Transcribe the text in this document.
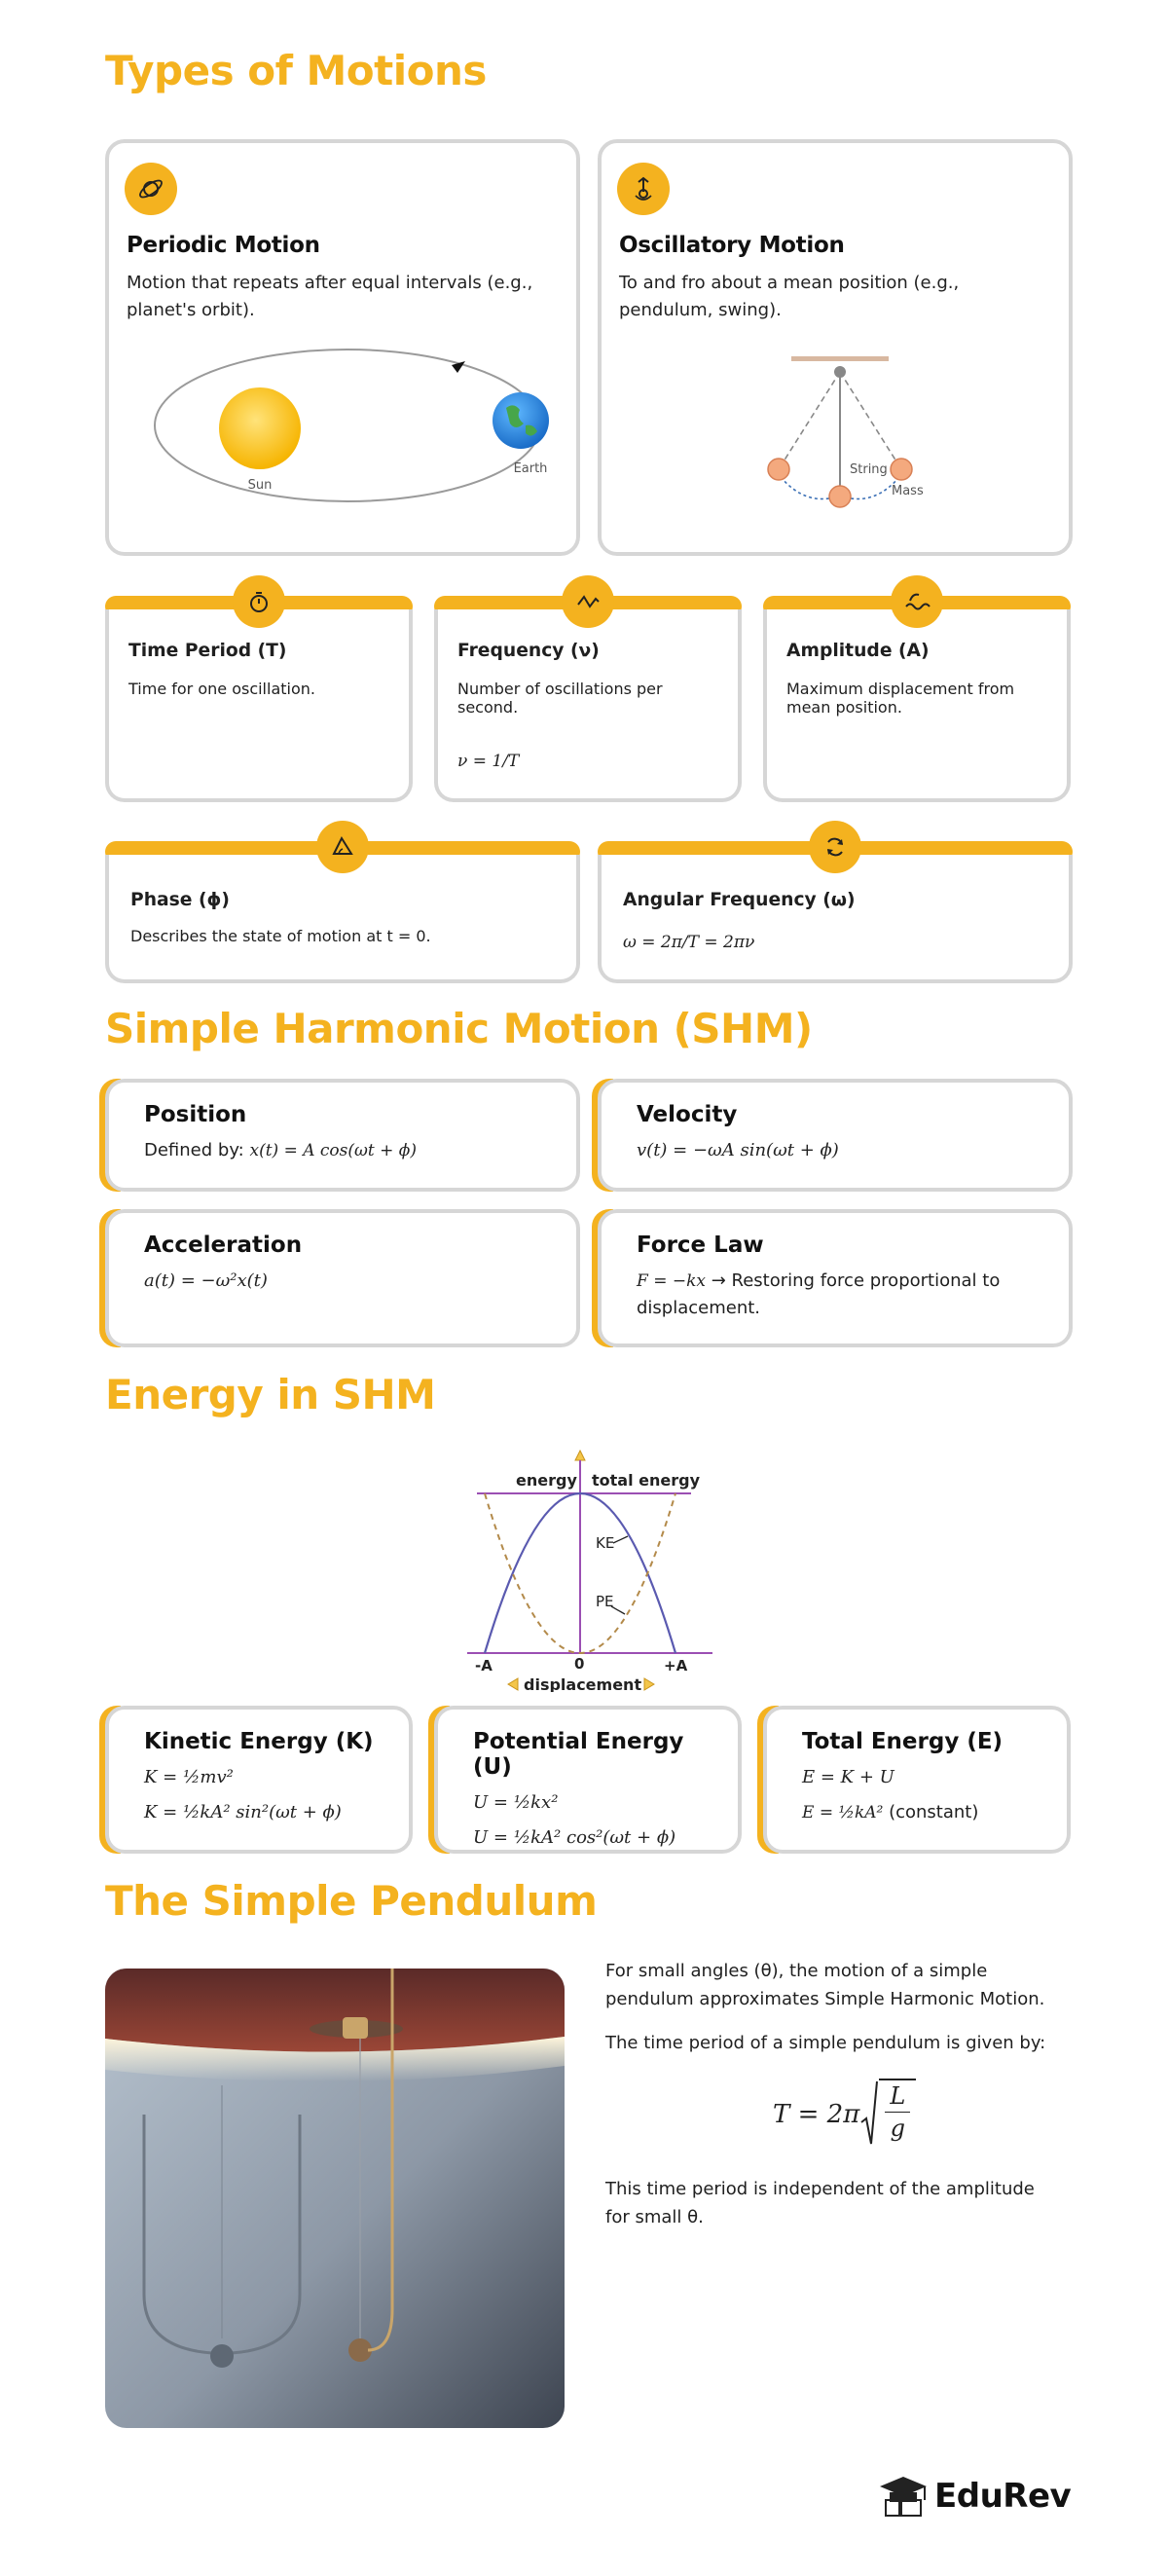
Types of Motions
Periodic Motion

Motion that repeats after equal intervals (e.g., planet's orbit).

Sun
Earth
Oscillatory Motion

To and fro about a mean position (e.g., pendulum, swing).

String
Mass
Time Period (T)

Time for one oscillation.

Frequency (ν)

Number of oscillations per second.

ν = 1/T
Amplitude (A)

Maximum displacement from mean position.

Phase (ϕ)

Describes the state of motion at t = 0.

Angular Frequency (ω)
ω = 2π/T = 2πν
Simple Harmonic Motion (SHM)
Position

Defined by: x(t) = A cos(ωt + ϕ)

Velocity

v(t) = −ωA sin(ωt + ϕ)

Acceleration

a(t) = −ω²x(t)

Force Law

F = −kx → Restoring force proportional to displacement.

Energy in SHM
energy total energy
KE
PE
-A	0	+A
displacement
Kinetic Energy (K)

K = ½mv²

K = ½kA² sin²(ωt + ϕ)

Potential Energy (U)

U = ½kx²

U = ½kA² cos²(ωt + ϕ)

Total Energy (E)

E = K + U

E = ½kA² (constant)

The Simple Pendulum

For small angles (θ), the motion of a simple pendulum approximates Simple Harmonic Motion.

The time period of a simple pendulum is given by:

T = 2π
L
g

This time period is independent of the amplitude for small θ.

EduRev
